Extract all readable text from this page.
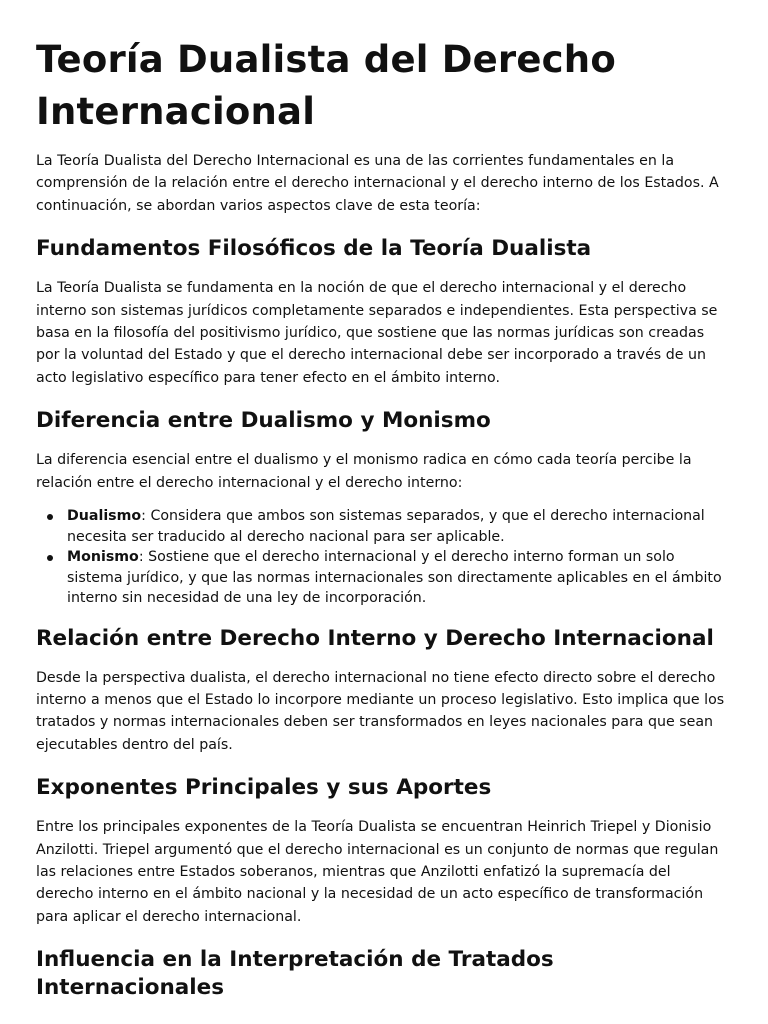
Teoría Dualista del Derecho Internacional

La Teoría Dualista del Derecho Internacional es una de las corrientes fundamentales en la comprensión de la relación entre el derecho internacional y el derecho interno de los Estados. A continuación, se abordan varios aspectos clave de esta teoría:

Fundamentos Filosóficos de la Teoría Dualista

La Teoría Dualista se fundamenta en la noción de que el derecho internacional y el derecho interno son sistemas jurídicos completamente separados e independientes. Esta perspectiva se basa en la filosofía del positivismo jurídico, que sostiene que las normas jurídicas son creadas por la voluntad del Estado y que el derecho internacional debe ser incorporado a través de un acto legislativo específico para tener efecto en el ámbito interno.

Diferencia entre Dualismo y Monismo

La diferencia esencial entre el dualismo y el monismo radica en cómo cada teoría percibe la relación entre el derecho internacional y el derecho interno:

Dualismo: Considera que ambos son sistemas separados, y que el derecho internacional necesita ser traducido al derecho nacional para ser aplicable.
Monismo: Sostiene que el derecho internacional y el derecho interno forman un solo sistema jurídico, y que las normas internacionales son directamente aplicables en el ámbito interno sin necesidad de una ley de incorporación.
Relación entre Derecho Interno y Derecho Internacional

Desde la perspectiva dualista, el derecho internacional no tiene efecto directo sobre el derecho interno a menos que el Estado lo incorpore mediante un proceso legislativo. Esto implica que los tratados y normas internacionales deben ser transformados en leyes nacionales para que sean ejecutables dentro del país.

Exponentes Principales y sus Aportes

Entre los principales exponentes de la Teoría Dualista se encuentran Heinrich Triepel y Dionisio Anzilotti. Triepel argumentó que el derecho internacional es un conjunto de normas que regulan las relaciones entre Estados soberanos, mientras que Anzilotti enfatizó la supremacía del derecho interno en el ámbito nacional y la necesidad de un acto específico de transformación para aplicar el derecho internacional.

Influencia en la Interpretación de Tratados Internacionales
